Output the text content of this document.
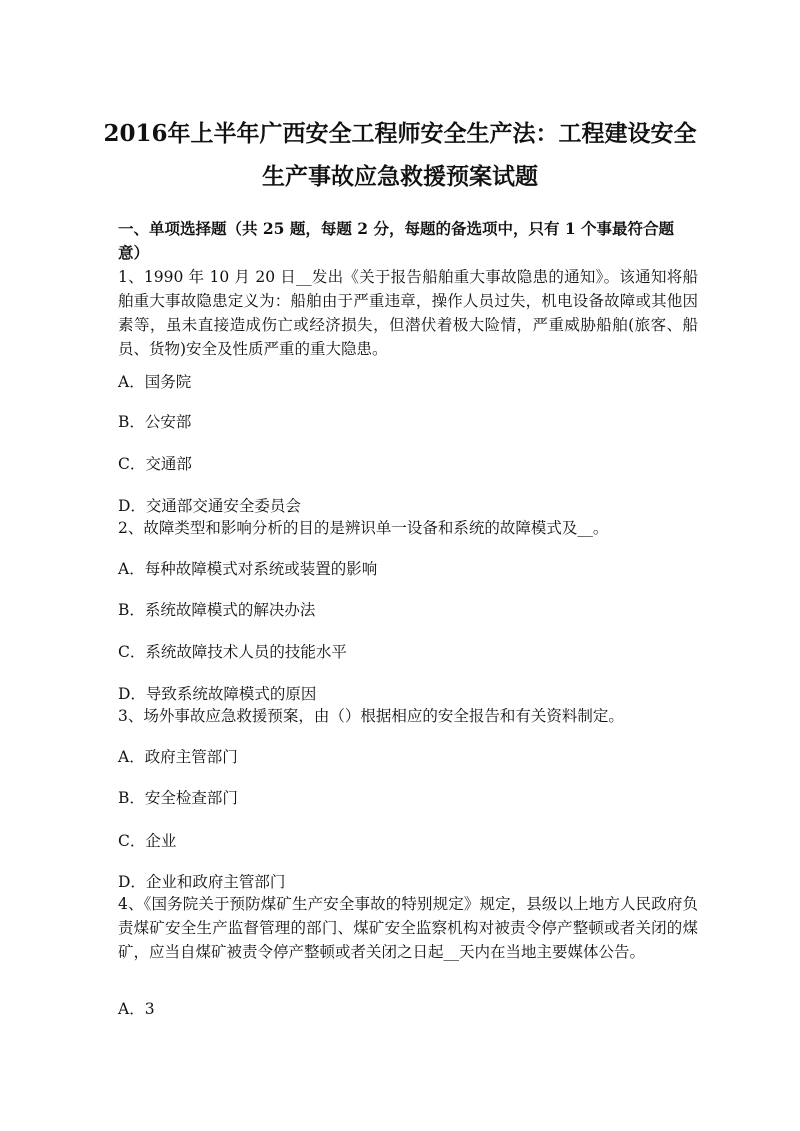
2016年上半年广西安全工程师安全生产法：工程建设安全
生产事故应急救援预案试题
一、单项选择题（共 25 题，每题 2 分，每题的备选项中，只有 1 个事最符合题意）
1、1990 年 10 月 20 日__发出《关于报告船舶重大事故隐患的通知》。该通知将船舶重大事故隐患定义为：船舶由于严重违章，操作人员过失，机电设备故障或其他因素等，虽未直接造成伤亡或经济损失，但潜伏着极大险情，严重威胁船舶(旅客、船员、货物)安全及性质严重的重大隐患。
A．国务院
B．公安部
C．交通部
D．交通部交通安全委员会
2、故障类型和影响分析的目的是辨识单一设备和系统的故障模式及__。
A．每种故障模式对系统或装置的影响
B．系统故障模式的解决办法
C．系统故障技术人员的技能水平
D．导致系统故障模式的原因
3、场外事故应急救援预案，由（）根据相应的安全报告和有关资料制定。
A．政府主管部门
B．安全检查部门
C．企业
D．企业和政府主管部门
4、《国务院关于预防煤矿生产安全事故的特别规定》规定，县级以上地方人民政府负责煤矿安全生产监督管理的部门、煤矿安全监察机构对被责令停产整顿或者关闭的煤矿，应当自煤矿被责令停产整顿或者关闭之日起__天内在当地主要媒体公告。
A．3
